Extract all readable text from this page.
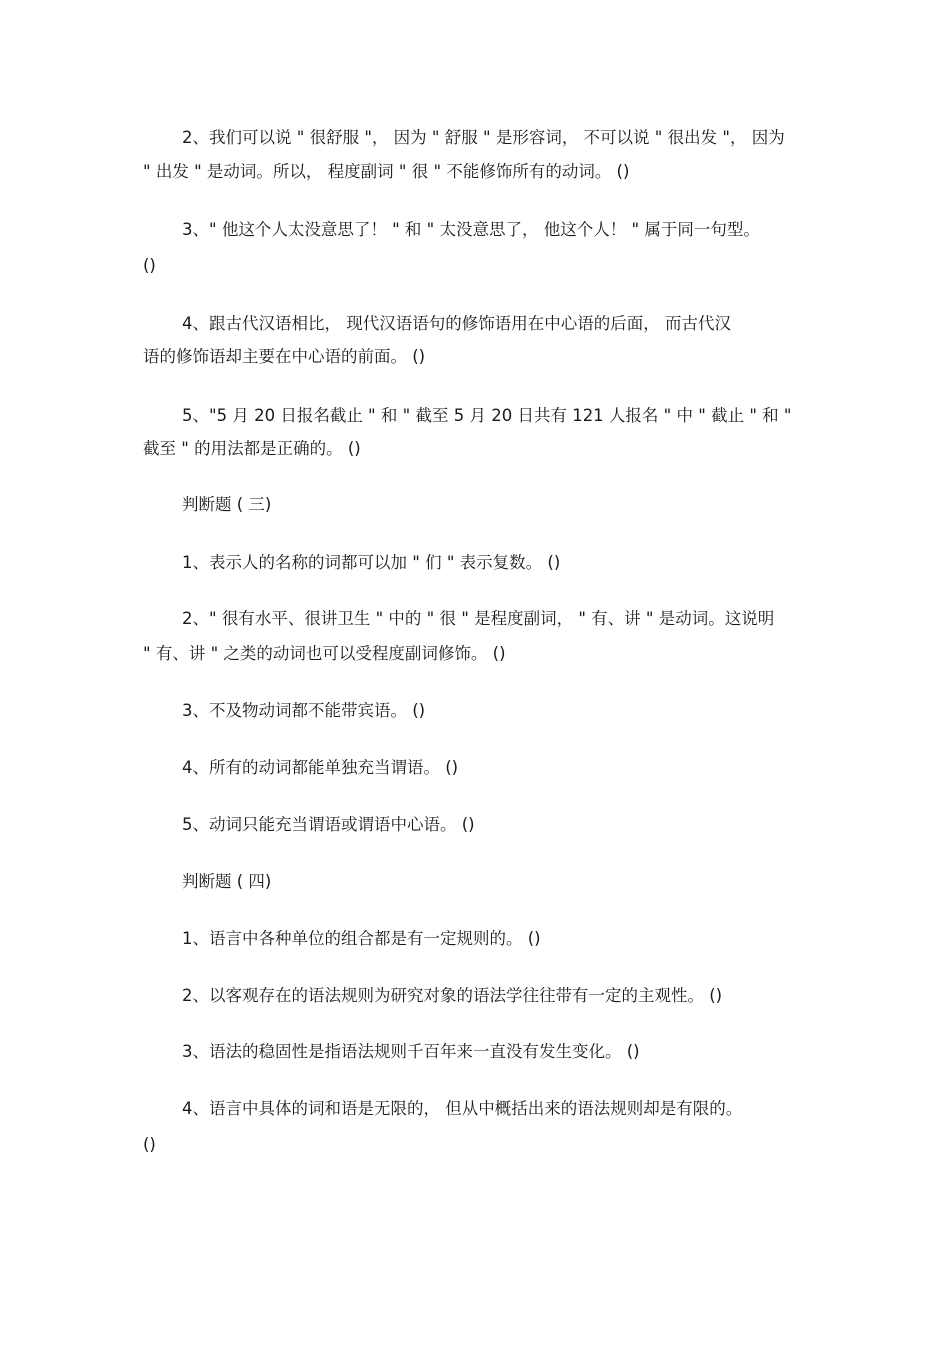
2、我们可以说 " 很舒服 "， 因为 " 舒服 " 是形容词， 不可以说 " 很出发 "， 因为
" 出发 " 是动词。所以， 程度副词 " 很 " 不能修饰所有的动词。 ()
3、" 他这个人太没意思了！ " 和 " 太没意思了， 他这个人！ " 属于同一句型。
()
4、跟古代汉语相比， 现代汉语语句的修饰语用在中心语的后面， 而古代汉
语的修饰语却主要在中心语的前面。 ()
5、"5 月 20 日报名截止 " 和 " 截至 5 月 20 日共有 121 人报名 " 中 " 截止 " 和 "
截至 " 的用法都是正确的。 ()
判断题 ( 三)
1、表示人的名称的词都可以加 " 们 " 表示复数。 ()
2、" 很有水平、很讲卫生 " 中的 " 很 " 是程度副词， " 有、讲 " 是动词。这说明
" 有、讲 " 之类的动词也可以受程度副词修饰。 ()
3、不及物动词都不能带宾语。 ()
4、所有的动词都能单独充当谓语。 ()
5、动词只能充当谓语或谓语中心语。 ()
判断题 ( 四)
1、语言中各种单位的组合都是有一定规则的。 ()
2、以客观存在的语法规则为研究对象的语法学往往带有一定的主观性。 ()
3、语法的稳固性是指语法规则千百年来一直没有发生变化。 ()
4、语言中具体的词和语是无限的， 但从中概括出来的语法规则却是有限的。
()
